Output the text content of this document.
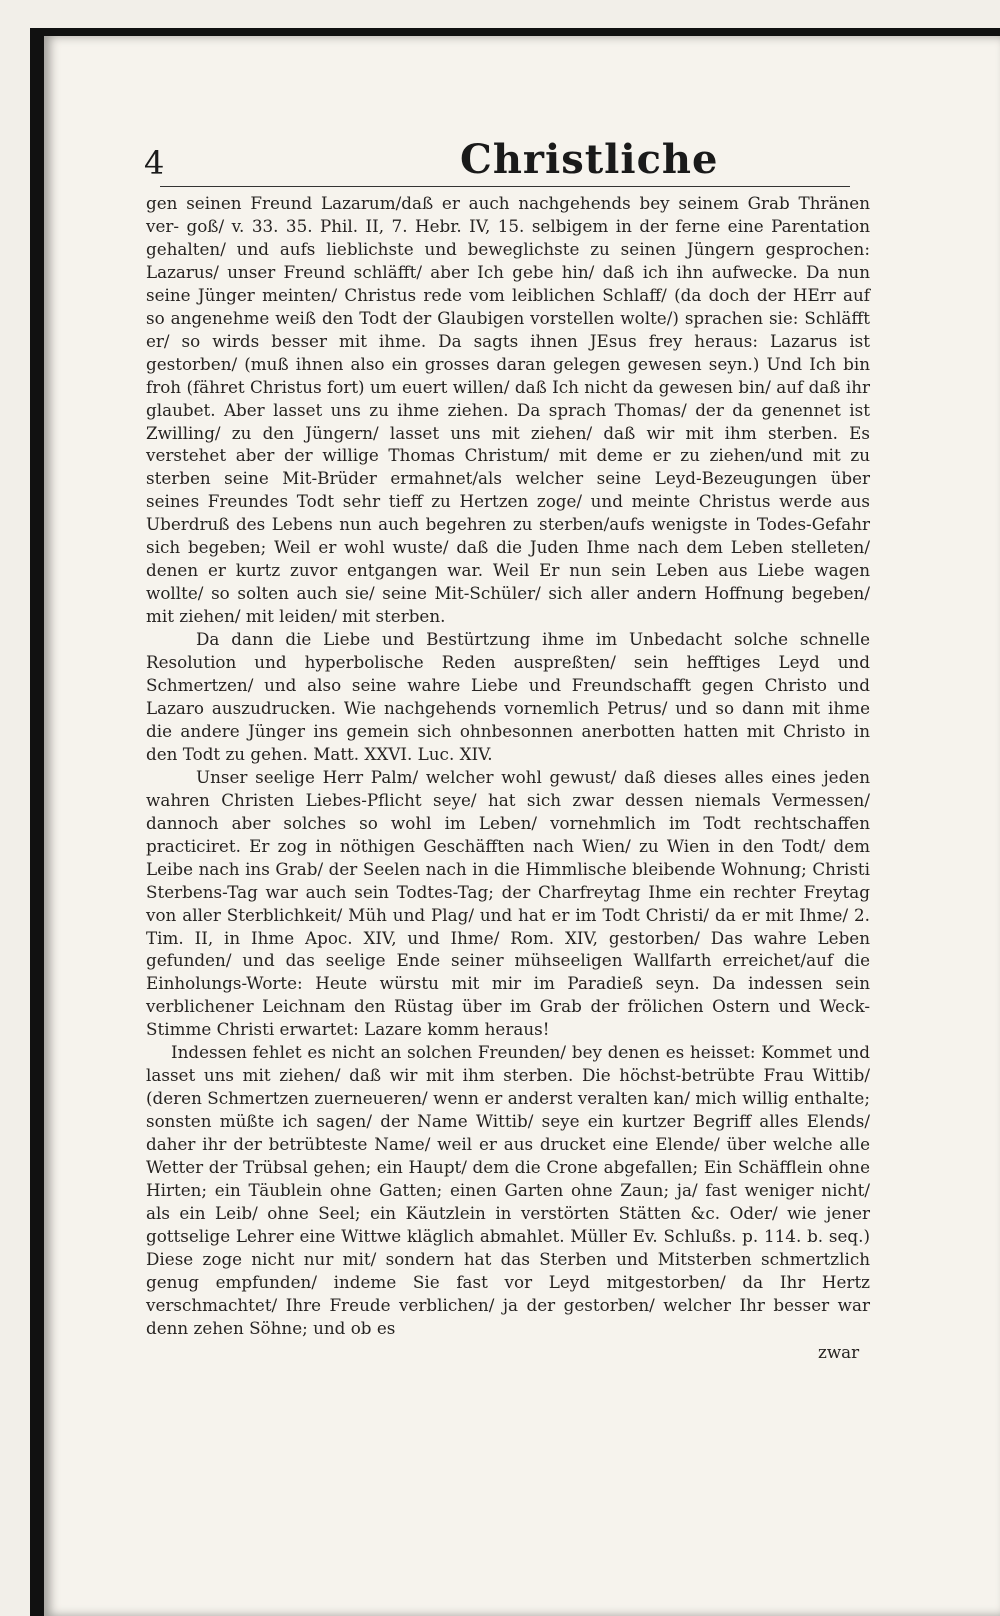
4	Christliche

gen seinen Freund Lazarum/daß er auch nachgehends bey seinem Grab Thränen ver- goß/ v. 33. 35. Phil. II, 7. Hebr. IV, 15. selbigem in der ferne eine Parentation gehalten/ und aufs lieblichste und beweglichste zu seinen Jüngern gesprochen: Lazarus/ unser Freund schläfft/ aber Ich gebe hin/ daß ich ihn aufwecke. Da nun seine Jünger meinten/ Christus rede vom leiblichen Schlaff/ (da doch der HErr auf so angenehme weiß den Todt der Glaubigen vorstellen wolte/) sprachen sie: Schläfft er/ so wirds besser mit ihme. Da sagts ihnen JEsus frey heraus: Lazarus ist gestorben/ (muß ihnen also ein grosses daran gelegen gewesen seyn.) Und Ich bin froh (fähret Christus fort) um euert willen/ daß Ich nicht da gewesen bin/ auf daß ihr glaubet. Aber lasset uns zu ihme ziehen. Da sprach Thomas/ der da genennet ist Zwilling/ zu den Jüngern/ lasset uns mit ziehen/ daß wir mit ihm sterben. Es verstehet aber der willige Thomas Christum/ mit deme er zu ziehen/und mit zu sterben seine Mit-Brüder ermahnet/als welcher seine Leyd-Bezeugungen über seines Freundes Todt sehr tieff zu Hertzen zoge/ und meinte Christus werde aus Uberdruß des Lebens nun auch begehren zu sterben/aufs wenigste in Todes-Gefahr sich begeben; Weil er wohl wuste/ daß die Juden Ihme nach dem Leben stelleten/ denen er kurtz zuvor entgangen war. Weil Er nun sein Leben aus Liebe wagen wollte/ so solten auch sie/ seine Mit-Schüler/ sich aller andern Hoffnung begeben/ mit ziehen/ mit leiden/ mit sterben.

Da dann die Liebe und Bestürtzung ihme im Unbedacht solche schnelle Resolution und hyperbolische Reden auspreßten/ sein hefftiges Leyd und Schmertzen/ und also seine wahre Liebe und Freundschafft gegen Christo und Lazaro auszudrucken. Wie nachgehends vornemlich Petrus/ und so dann mit ihme die andere Jünger ins gemein sich ohnbesonnen anerbotten hatten mit Christo in den Todt zu gehen. Matt. XXVI. Luc. XIV.

Unser seelige Herr Palm/ welcher wohl gewust/ daß dieses alles eines jeden wahren Christen Liebes-Pflicht seye/ hat sich zwar dessen niemals Vermessen/ dannoch aber solches so wohl im Leben/ vornehmlich im Todt rechtschaffen practiciret. Er zog in nöthigen Geschäfften nach Wien/ zu Wien in den Todt/ dem Leibe nach ins Grab/ der Seelen nach in die Himmlische bleibende Wohnung; Christi Sterbens-Tag war auch sein Todtes-Tag; der Charfreytag Ihme ein rechter Freytag von aller Sterblichkeit/ Müh und Plag/ und hat er im Todt Christi/ da er mit Ihme/ 2. Tim. II, in Ihme Apoc. XIV, und Ihme/ Rom. XIV, gestorben/ Das wahre Leben gefunden/ und das seelige Ende seiner mühseeligen Wallfarth erreichet/auf die Einholungs-Worte: Heute würstu mit mir im Paradieß seyn. Da indessen sein verblichener Leichnam den Rüstag über im Grab der frölichen Ostern und Weck-Stimme Christi erwartet: Lazare komm heraus!

Indessen fehlet es nicht an solchen Freunden/ bey denen es heisset: Kommet und lasset uns mit ziehen/ daß wir mit ihm sterben. Die höchst-betrübte Frau Wittib/ (deren Schmertzen zuerneueren/ wenn er anderst veralten kan/ mich willig enthalte; sonsten müßte ich sagen/ der Name Wittib/ seye ein kurtzer Begriff alles Elends/ daher ihr der betrübteste Name/ weil er aus drucket eine Elende/ über welche alle Wetter der Trübsal gehen; ein Haupt/ dem die Crone abgefallen; Ein Schäfflein ohne Hirten; ein Täublein ohne Gatten; einen Garten ohne Zaun; ja/ fast weniger nicht/ als ein Leib/ ohne Seel; ein Käutzlein in verstörten Stätten &c. Oder/ wie jener gottselige Lehrer eine Wittwe kläglich abmahlet. Müller Ev. Schlußs. p. 114. b. seq.) Diese zoge nicht nur mit/ sondern hat das Sterben und Mitsterben schmertzlich genug empfunden/ indeme Sie fast vor Leyd mitgestorben/ da Ihr Hertz verschmachtet/ Ihre Freude verblichen/ ja der gestorben/ welcher Ihr besser war denn zehen Söhne; und ob es

zwar
